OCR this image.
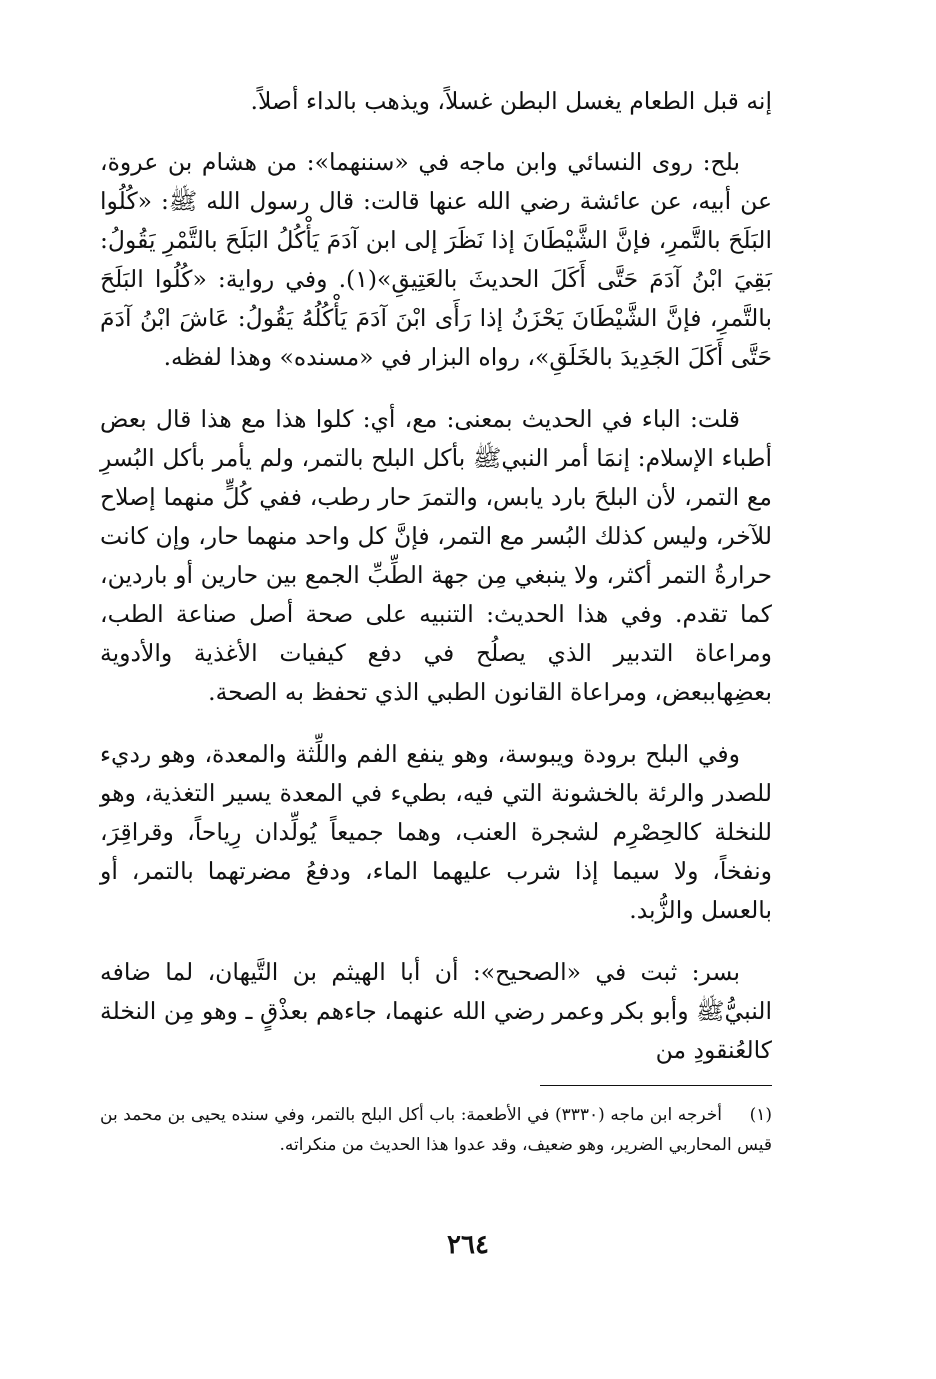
إنه قبل الطعام يغسل البطن غسلاً، ويذهب بالداء أصلاً.

بلح: روى النسائي وابن ماجه في «سننهما»: من هشام بن عروة، عن أبيه، عن عائشة رضي الله عنها قالت: قال رسول الله ﷺ: «كُلُوا البَلَحَ بالتَّمرِ، فإنَّ الشَّيْطَانَ إذا نَظَرَ إلى ابن آدَمَ يَأْكُلُ البَلَحَ بالتَّمْرِ يَقُولُ: بَقِيَ ابْنُ آدَمَ حَتَّى أَكَلَ الحديثَ بالعَتِيقِ»(١). وفي رواية: «كُلُوا البَلَحَ بالتَّمرِ، فإنَّ الشَّيْطَانَ يَحْزَنُ إذا رَأَى ابْنَ آدَمَ يَأْكُلُهُ يَقُولُ: عَاشَ ابْنُ آدَمَ حَتَّى أَكَلَ الجَدِيدَ بالخَلَقِ»، رواه البزار في «مسنده» وهذا لفظه.

قلت: الباء في الحديث بمعنى: مع، أي: كلوا هذا مع هذا قال بعض أطباء الإسلام: إنمَا أمر النبيﷺ بأكل البلح بالتمر، ولم يأمر بأكل البُسرِ مع التمر، لأن البلحَ بارد يابس، والتمرَ حار رطب، ففي كُلٍّ منهما إصلاح للآخر، وليس كذلك البُسر مع التمر، فإنَّ كل واحد منهما حار، وإن كانت حرارةُ التمر أكثر، ولا ينبغي مِن جهة الطِّبِّ الجمع بين حارين أو باردين، كما تقدم. وفي هذا الحديث: التنبيه على صحة أصل صناعة الطب، ومراعاة التدبير الذي يصلُح في دفع كيفيات الأغذية والأدوية بعضِهاببعض، ومراعاة القانون الطبي الذي تحفظ به الصحة.

وفي البلح برودة ويبوسة، وهو ينفع الفم واللِّثة والمعدة، وهو رديء للصدر والرئة بالخشونة التي فيه، بطيء في المعدة يسير التغذية، وهو للنخلة كالحِصْرِم لشجرة العنب، وهما جميعاً يُولِّدان رِياحاً، وقراقِرَ، ونفخاً، ولا سيما إذا شرب عليهما الماء، ودفعُ مضرتهما بالتمر، أو بالعسل والزُّبد.

بسر: ثبت في «الصحيح»: أن أبا الهيثم بن التَّيهان، لما ضافه النبيُّﷺ وأبو بكر وعمر رضي الله عنهما، جاءهم بعذْقٍ ـ وهو مِن النخلة كالعُنقودِ من

(١)أخرجه ابن ماجه (٣٣٣٠) في الأطعمة: باب أكل البلح بالتمر، وفي سنده يحيى بن محمد بن قيس المحاربي الضرير، وهو ضعيف، وقد عدوا هذا الحديث من منكراته.
٢٦٤
